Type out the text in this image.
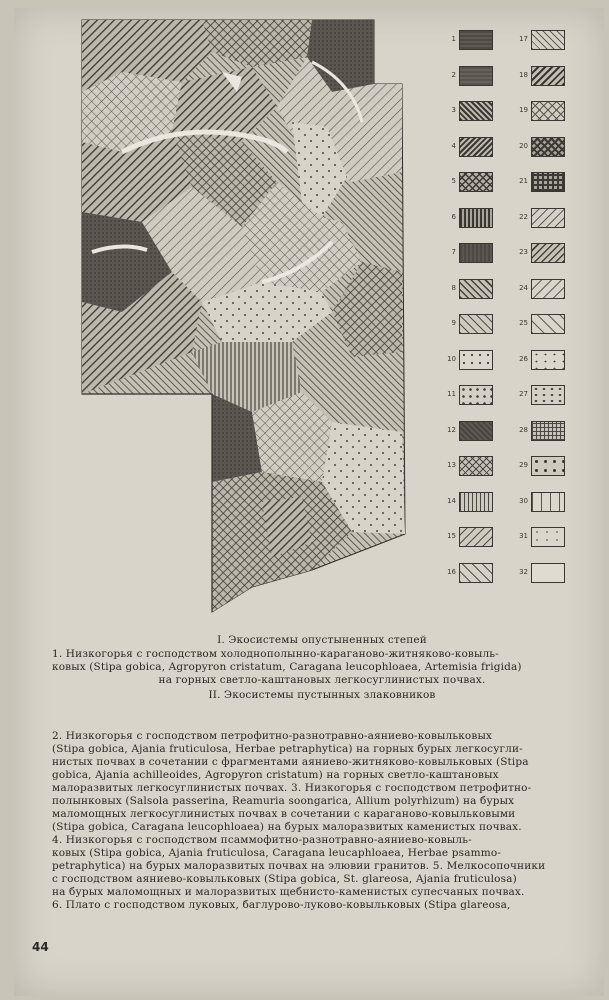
1
2
3
4
5
6
7
8
9
10
11
12
13
14
15
16
17
18
19
20
21
22
23
24
25
26
27
28
29
30
31
32
I. Экосистемы опустыненных степей
1. Низкогорья с господством холоднополынно-карагановo-житняково-ковыль-
ковых (Stipa gobica, Agropyron cristatum, Caragana leucophloaea, Artemisia frigida)
на горных светло-каштановых легкосуглинистых почвах.
II. Экосистемы пустынных злаковников
2. Низкогорья с господством петрофитно-разнотравно-аяниево-ковыльковых
(Stipa gobica, Ajania fruticulosa, Herbae petraphytica) на горных бурых легкосугли-
нистых почвах в сочетании с фрагментами аяниево-житняково-ковыльковых (Stipa
gobica, Ajania achilleoides, Agropyron cristatum) на горных светло-каштановых
малоразвитых легкосуглинистых почвах. 3. Низкогорья с господством петрофитно-
полынковых (Salsola passerina, Reamuria soongarica, Allium polyrhizum) на бурых
маломощных легкосуглинистых почвах в сочетании с карагановo-ковыльковыми
(Stipa gobica, Caragana leucophloaea) на бурых малоразвитых каменистых почвах.
4. Низкогорья с господством псаммофитно-разнотравно-аяниево-ковыль-
ковых (Stipa gobica, Ajania fruticulosa, Caragana leucaphloaea, Herbae psammo-
petraphytica) на бурых малоразвитых почвах на элювии гранитов. 5. Мелкосопочники
с господством аяниево-ковыльковых (Stipa gobica, St. glareosa, Ajania fruticulosa)
на бурых маломощных и малоразвитых щебнисто-каменистых супесчаных почвах.
6. Плато с господством луковых, баглурово-луково-ковыльковых (Stipa glareosa,
44
